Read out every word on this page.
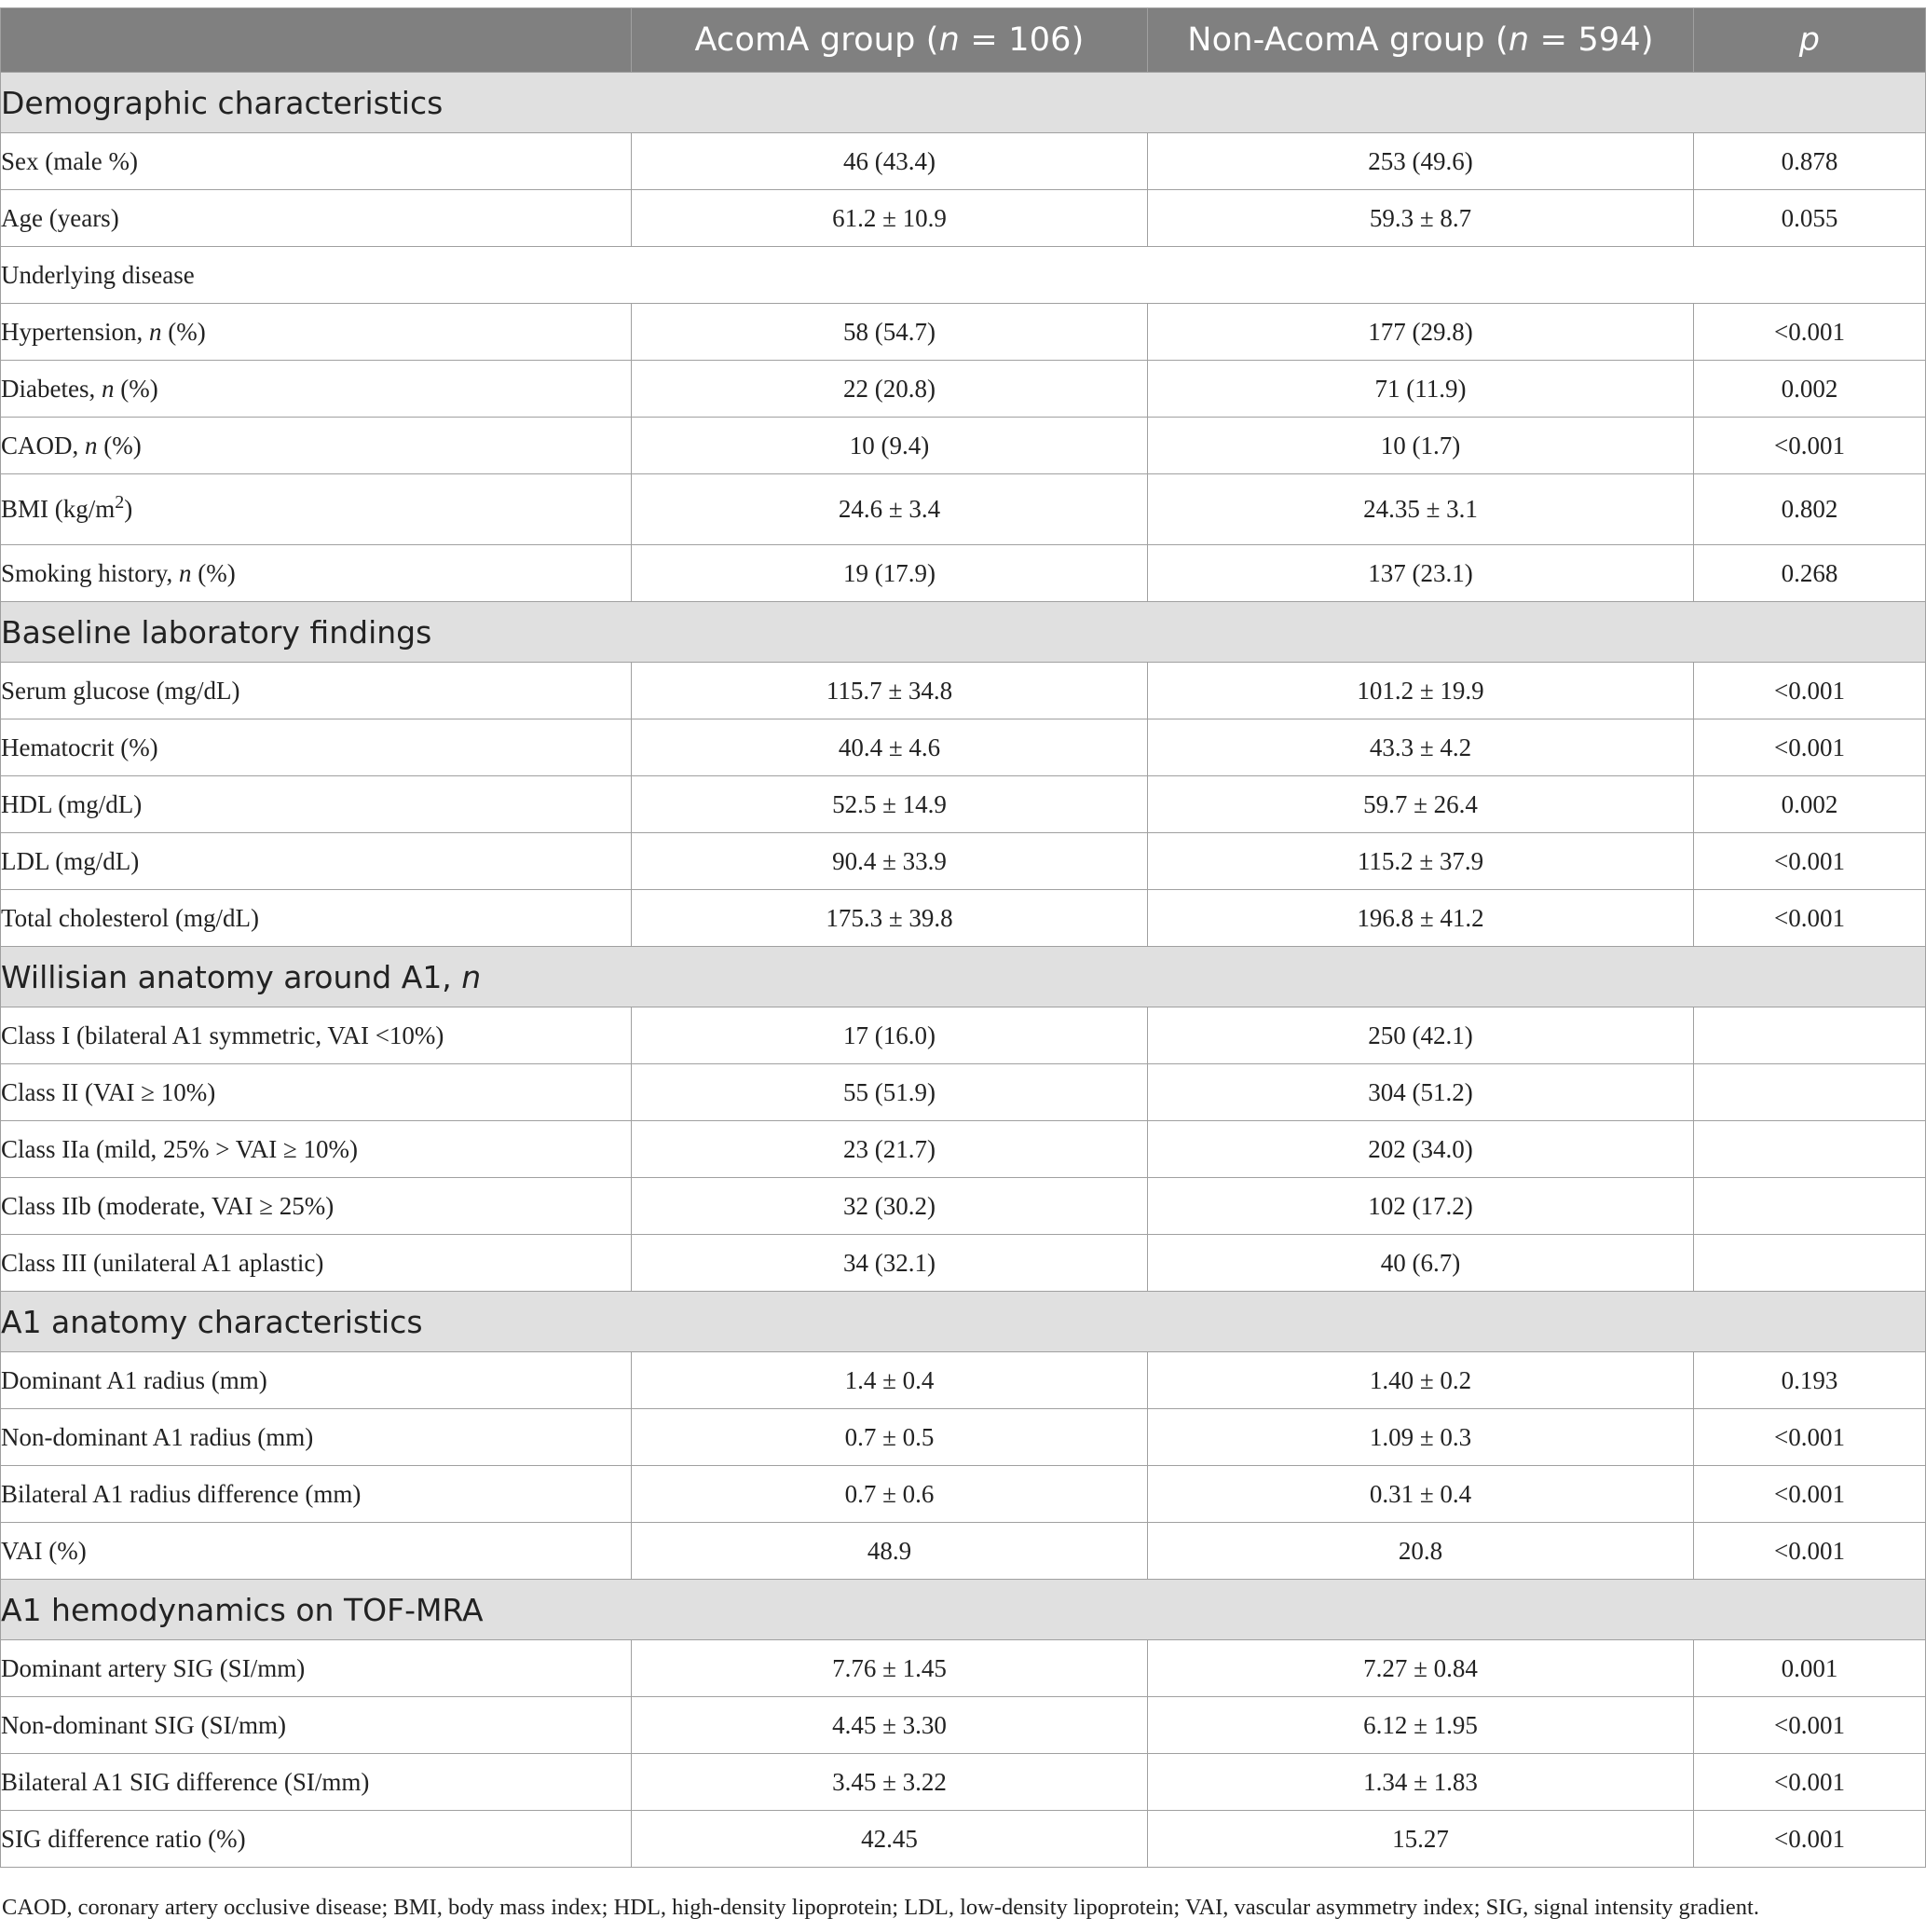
	AcomA group (n = 106)	Non-AcomA group (n = 594)	p
Demographic characteristics			
Sex (male %)	46 (43.4)	253 (49.6)	0.878
Age (years)	61.2 ± 10.9	59.3 ± 8.7	0.055
Underlying disease			
Hypertension, n (%)	58 (54.7)	177 (29.8)	<0.001
Diabetes, n (%)	22 (20.8)	71 (11.9)	0.002
CAOD, n (%)	10 (9.4)	10 (1.7)	<0.001
BMI $(kg/m^2)$	24.6 ± 3.4	24.35 ± 3.1	0.802
Smoking history, n (%)	19 (17.9)	137 (23.1)	0.268
Baseline laboratory findings			
Serum glucose (mg/dL)	115.7 ± 34.8	101.2 ± 19.9	<0.001
Hematocrit (%)	40.4 ± 4.6	43.3 ± 4.2	<0.001
HDL (mg/dL)	52.5 ± 14.9	59.7 ± 26.4	0.002
LDL (mg/dL)	90.4 ± 33.9	115.2 ± 37.9	<0.001
Total cholesterol (mg/dL)	175.3 ± 39.8	196.8 ± 41.2	<0.001
Willisian anatomy around A1, n			
Class I (bilateral A1 symmetric, VAI <10%)	17 (16.0)	250 (42.1)	
Class II (VAI ≥ 10%)	55 (51.9)	304 (51.2)	
Class IIa (mild, 25% > VAI ≥ 10%)	23 (21.7)	202 (34.0)	
Class IIb (moderate, VAI ≥ 25%)	32 (30.2)	102 (17.2)	
Class III (unilateral A1 aplastic)	34 (32.1)	40 (6.7)	
A1 anatomy characteristics			
Dominant A1 radius (mm)	1.4 ± 0.4	1.40 ± 0.2	0.193
Non-dominant A1 radius (mm)	0.7 ± 0.5	1.09 ± 0.3	<0.001
Bilateral A1 radius difference (mm)	0.7 ± 0.6	0.31 ± 0.4	<0.001
VAI (%)	48.9	20.8	<0.001
A1 hemodynamics on TOF-MRA			
Dominant artery SIG (SI/mm)	7.76 ± 1.45	7.27 ± 0.84	0.001
Non-dominant SIG (SI/mm)	4.45 ± 3.30	6.12 ± 1.95	<0.001
Bilateral A1 SIG difference (SI/mm)	3.45 ± 3.22	1.34 ± 1.83	<0.001
SIG difference ratio (%)	42.45	15.27	<0.001
CAOD, coronary artery occlusive disease; BMI, body mass index; HDL, high-density lipoprotein; LDL, low-density lipoprotein; VAI, vascular asymmetry index; SIG, signal intensity gradient.
